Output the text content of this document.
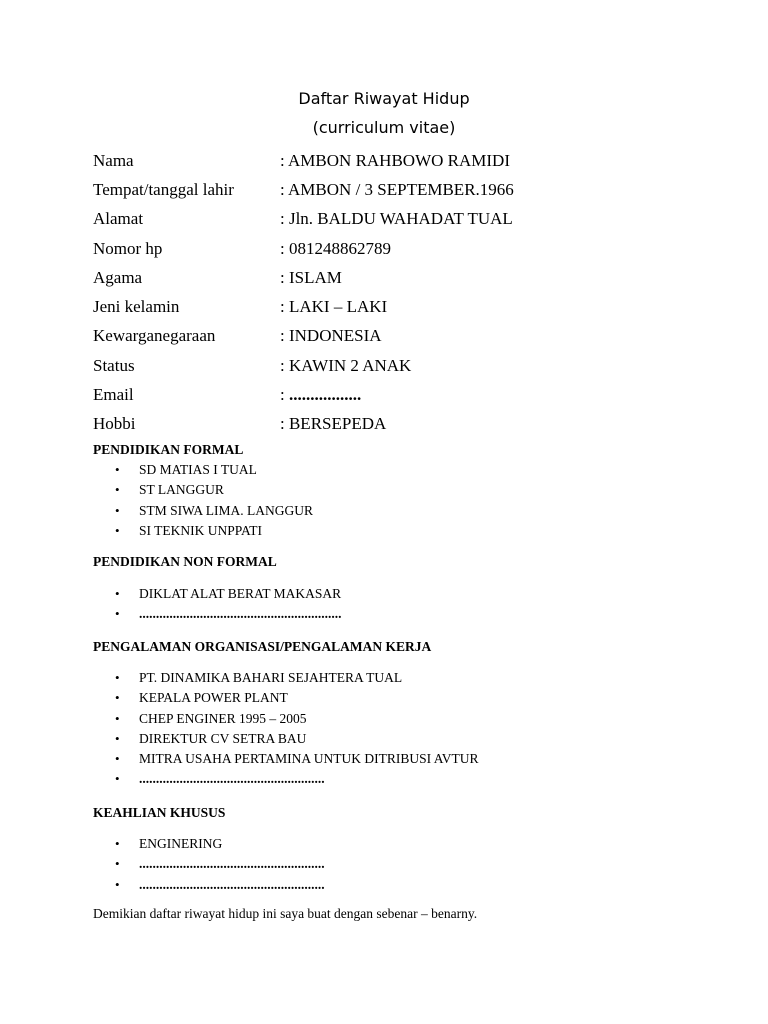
Daftar Riwayat Hidup
(curriculum vitae)
Nama	: AMBON RAHBOWO RAMIDI
Tempat/tanggal lahir	: AMBON / 3 SEPTEMBER.1966
Alamat	: Jln. BALDU WAHADAT TUAL
Nomor hp	: 081248862789
Agama	: ISLAM
Jeni kelamin	: LAKI – LAKI
Kewarganegaraan	: INDONESIA
Status	: KAWIN 2 ANAK
Email	: .................
Hobbi	: BERSEPEDA
PENDIDIKAN FORMAL
• SD MATIAS I TUAL
• ST LANGGUR
• STM SIWA LIMA. LANGGUR
• SI TEKNIK UNPPATI
PENDIDIKAN NON FORMAL
• DIKLAT ALAT BERAT MAKASAR
• ............................................................
PENGALAMAN ORGANISASI/PENGALAMAN KERJA
• PT. DINAMIKA BAHARI SEJAHTERA TUAL
• KEPALA POWER PLANT
• CHEP ENGINER 1995 – 2005
• DIREKTUR CV SETRA BAU
• MITRA USAHA PERTAMINA UNTUK DITRIBUSI AVTUR
• .......................................................
KEAHLIAN KHUSUS
• ENGINERING
• .......................................................
• .......................................................
Demikian daftar riwayat hidup ini saya buat dengan sebenar – benarny.
